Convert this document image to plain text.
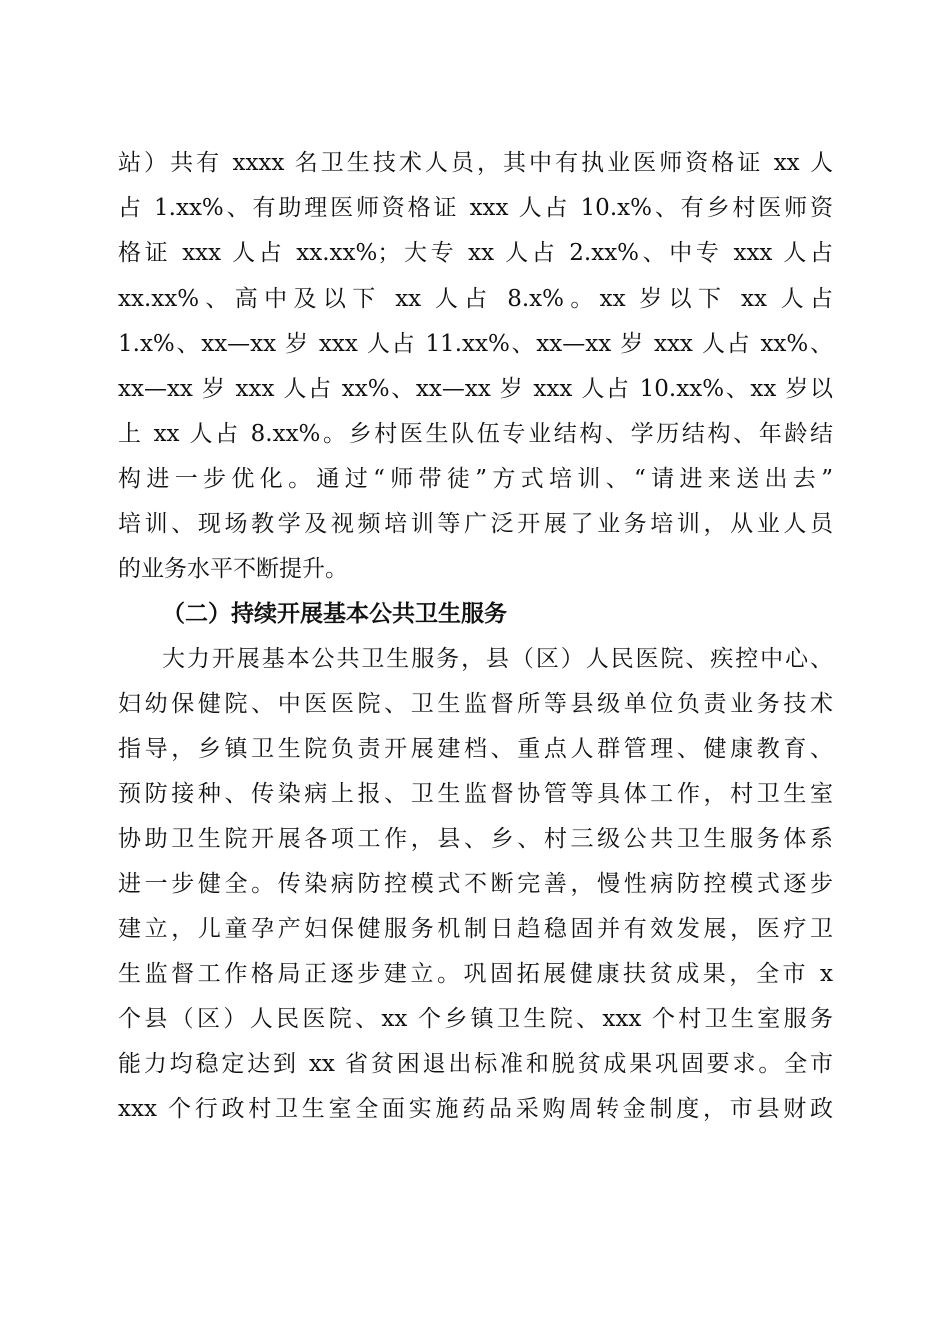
站）共有 xxxx 名卫生技术人员，其中有执业医师资格证 xx 人
占 1.xx%、有助理医师资格证 xxx 人占 10.x%、有乡村医师资
格证 xxx 人占 xx.xx%；大专 xx 人占 2.xx%、中专 xxx 人占
xx.xx%、高中及以下 xx 人占 8.x%。xx 岁以下 xx 人占
1.x%、xx—xx 岁 xxx 人占 11.xx%、xx—xx 岁 xxx 人占 xx%、
xx—xx 岁 xxx 人占 xx%、xx—xx 岁 xxx 人占 10.xx%、xx 岁以
上 xx 人占 8.xx%。乡村医生队伍专业结构、学历结构、年龄结
构进一步优化。通过“师带徒”方式培训、“请进来送出去”
培训、现场教学及视频培训等广泛开展了业务培训，从业人员
的业务水平不断提升。
（二）持续开展基本公共卫生服务
大力开展基本公共卫生服务，县（区）人民医院、疾控中心、
妇幼保健院、中医医院、卫生监督所等县级单位负责业务技术
指导，乡镇卫生院负责开展建档、重点人群管理、健康教育、
预防接种、传染病上报、卫生监督协管等具体工作，村卫生室
协助卫生院开展各项工作，县、乡、村三级公共卫生服务体系
进一步健全。传染病防控模式不断完善，慢性病防控模式逐步
建立，儿童孕产妇保健服务机制日趋稳固并有效发展，医疗卫
生监督工作格局正逐步建立。巩固拓展健康扶贫成果，全市 x
个县（区）人民医院、xx 个乡镇卫生院、xxx 个村卫生室服务
能力均稳定达到 xx 省贫困退出标准和脱贫成果巩固要求。全市
xxx 个行政村卫生室全面实施药品采购周转金制度，市县财政
